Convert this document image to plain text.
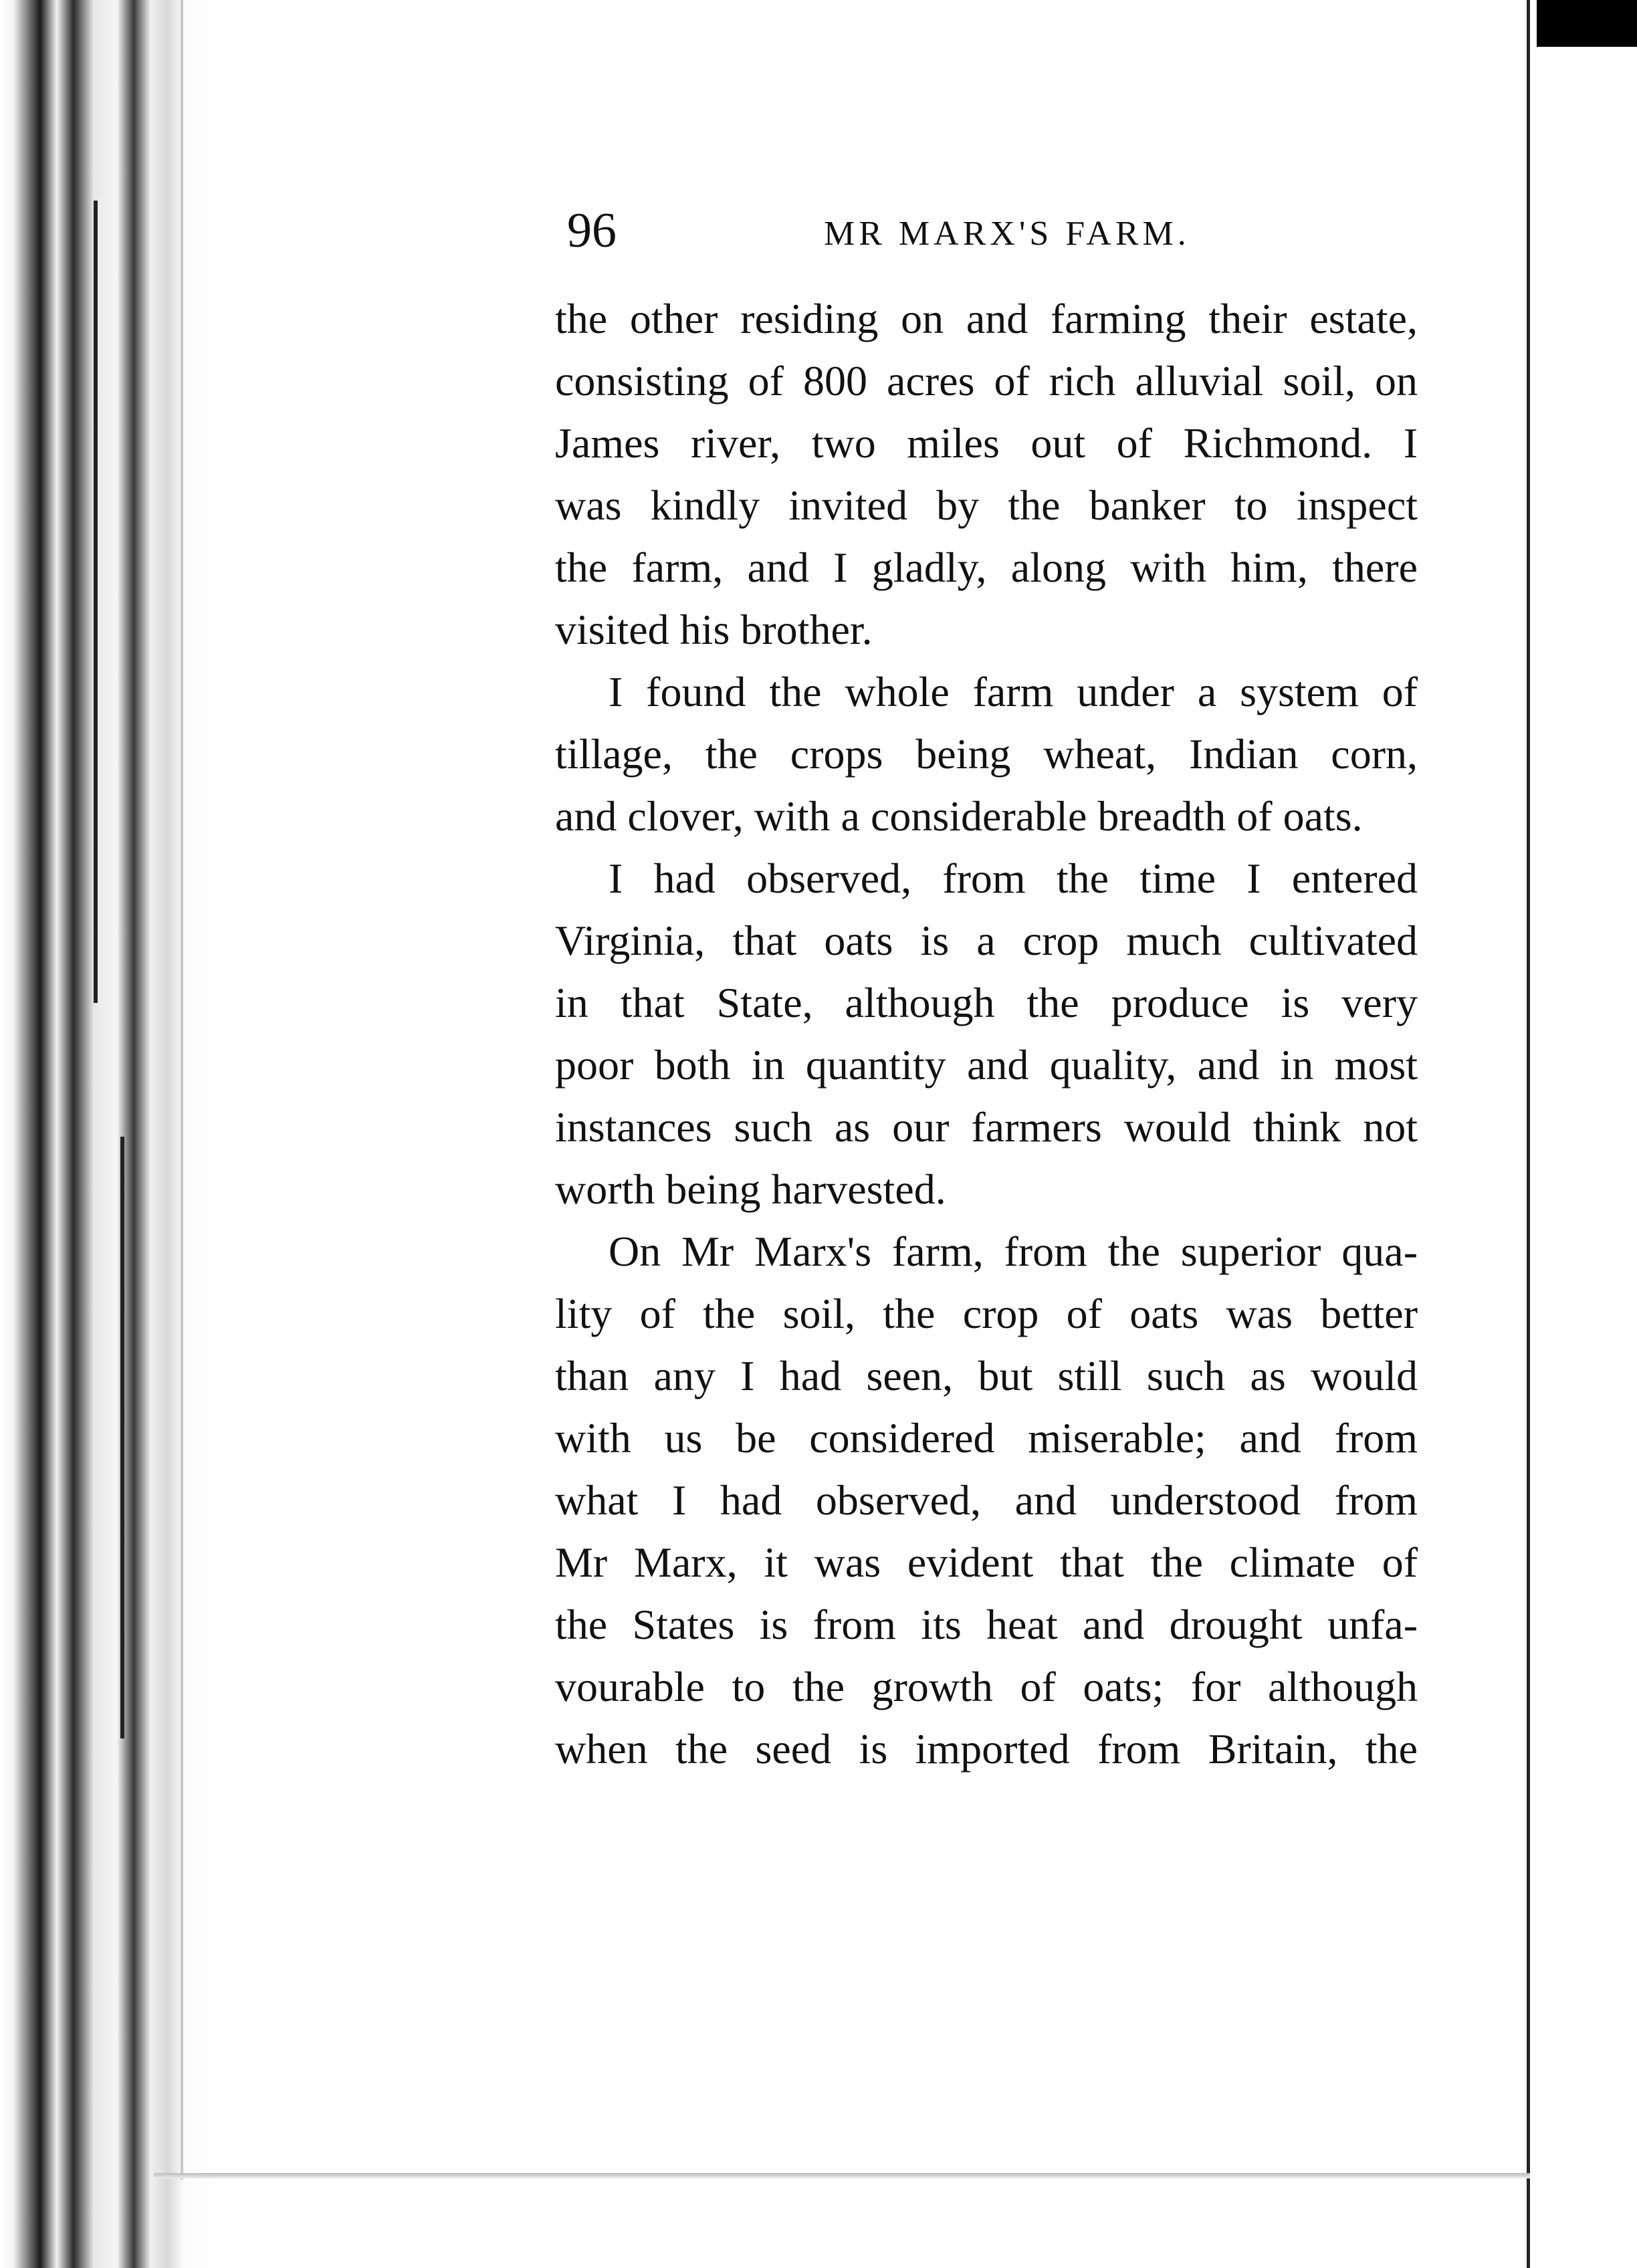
96	MR MARX'S FARM.
the other residing on and farming their estate,
consisting of 800 acres of rich alluvial soil, on
James river, two miles out of Richmond. I
was kindly invited by the banker to inspect
the farm, and I gladly, along with him, there
visited his brother.
I found the whole farm under a system of
tillage, the crops being wheat, Indian corn,
and clover, with a considerable breadth of oats.
I had observed, from the time I entered
Virginia, that oats is a crop much cultivated
in that State, although the produce is very
poor both in quantity and quality, and in most
instances such as our farmers would think not
worth being harvested.
On Mr Marx's farm, from the superior qua-
lity of the soil, the crop of oats was better
than any I had seen, but still such as would
with us be considered miserable; and from
what I had observed, and understood from
Mr Marx, it was evident that the climate of
the States is from its heat and drought unfa-
vourable to the growth of oats; for although
when the seed is imported from Britain, the
